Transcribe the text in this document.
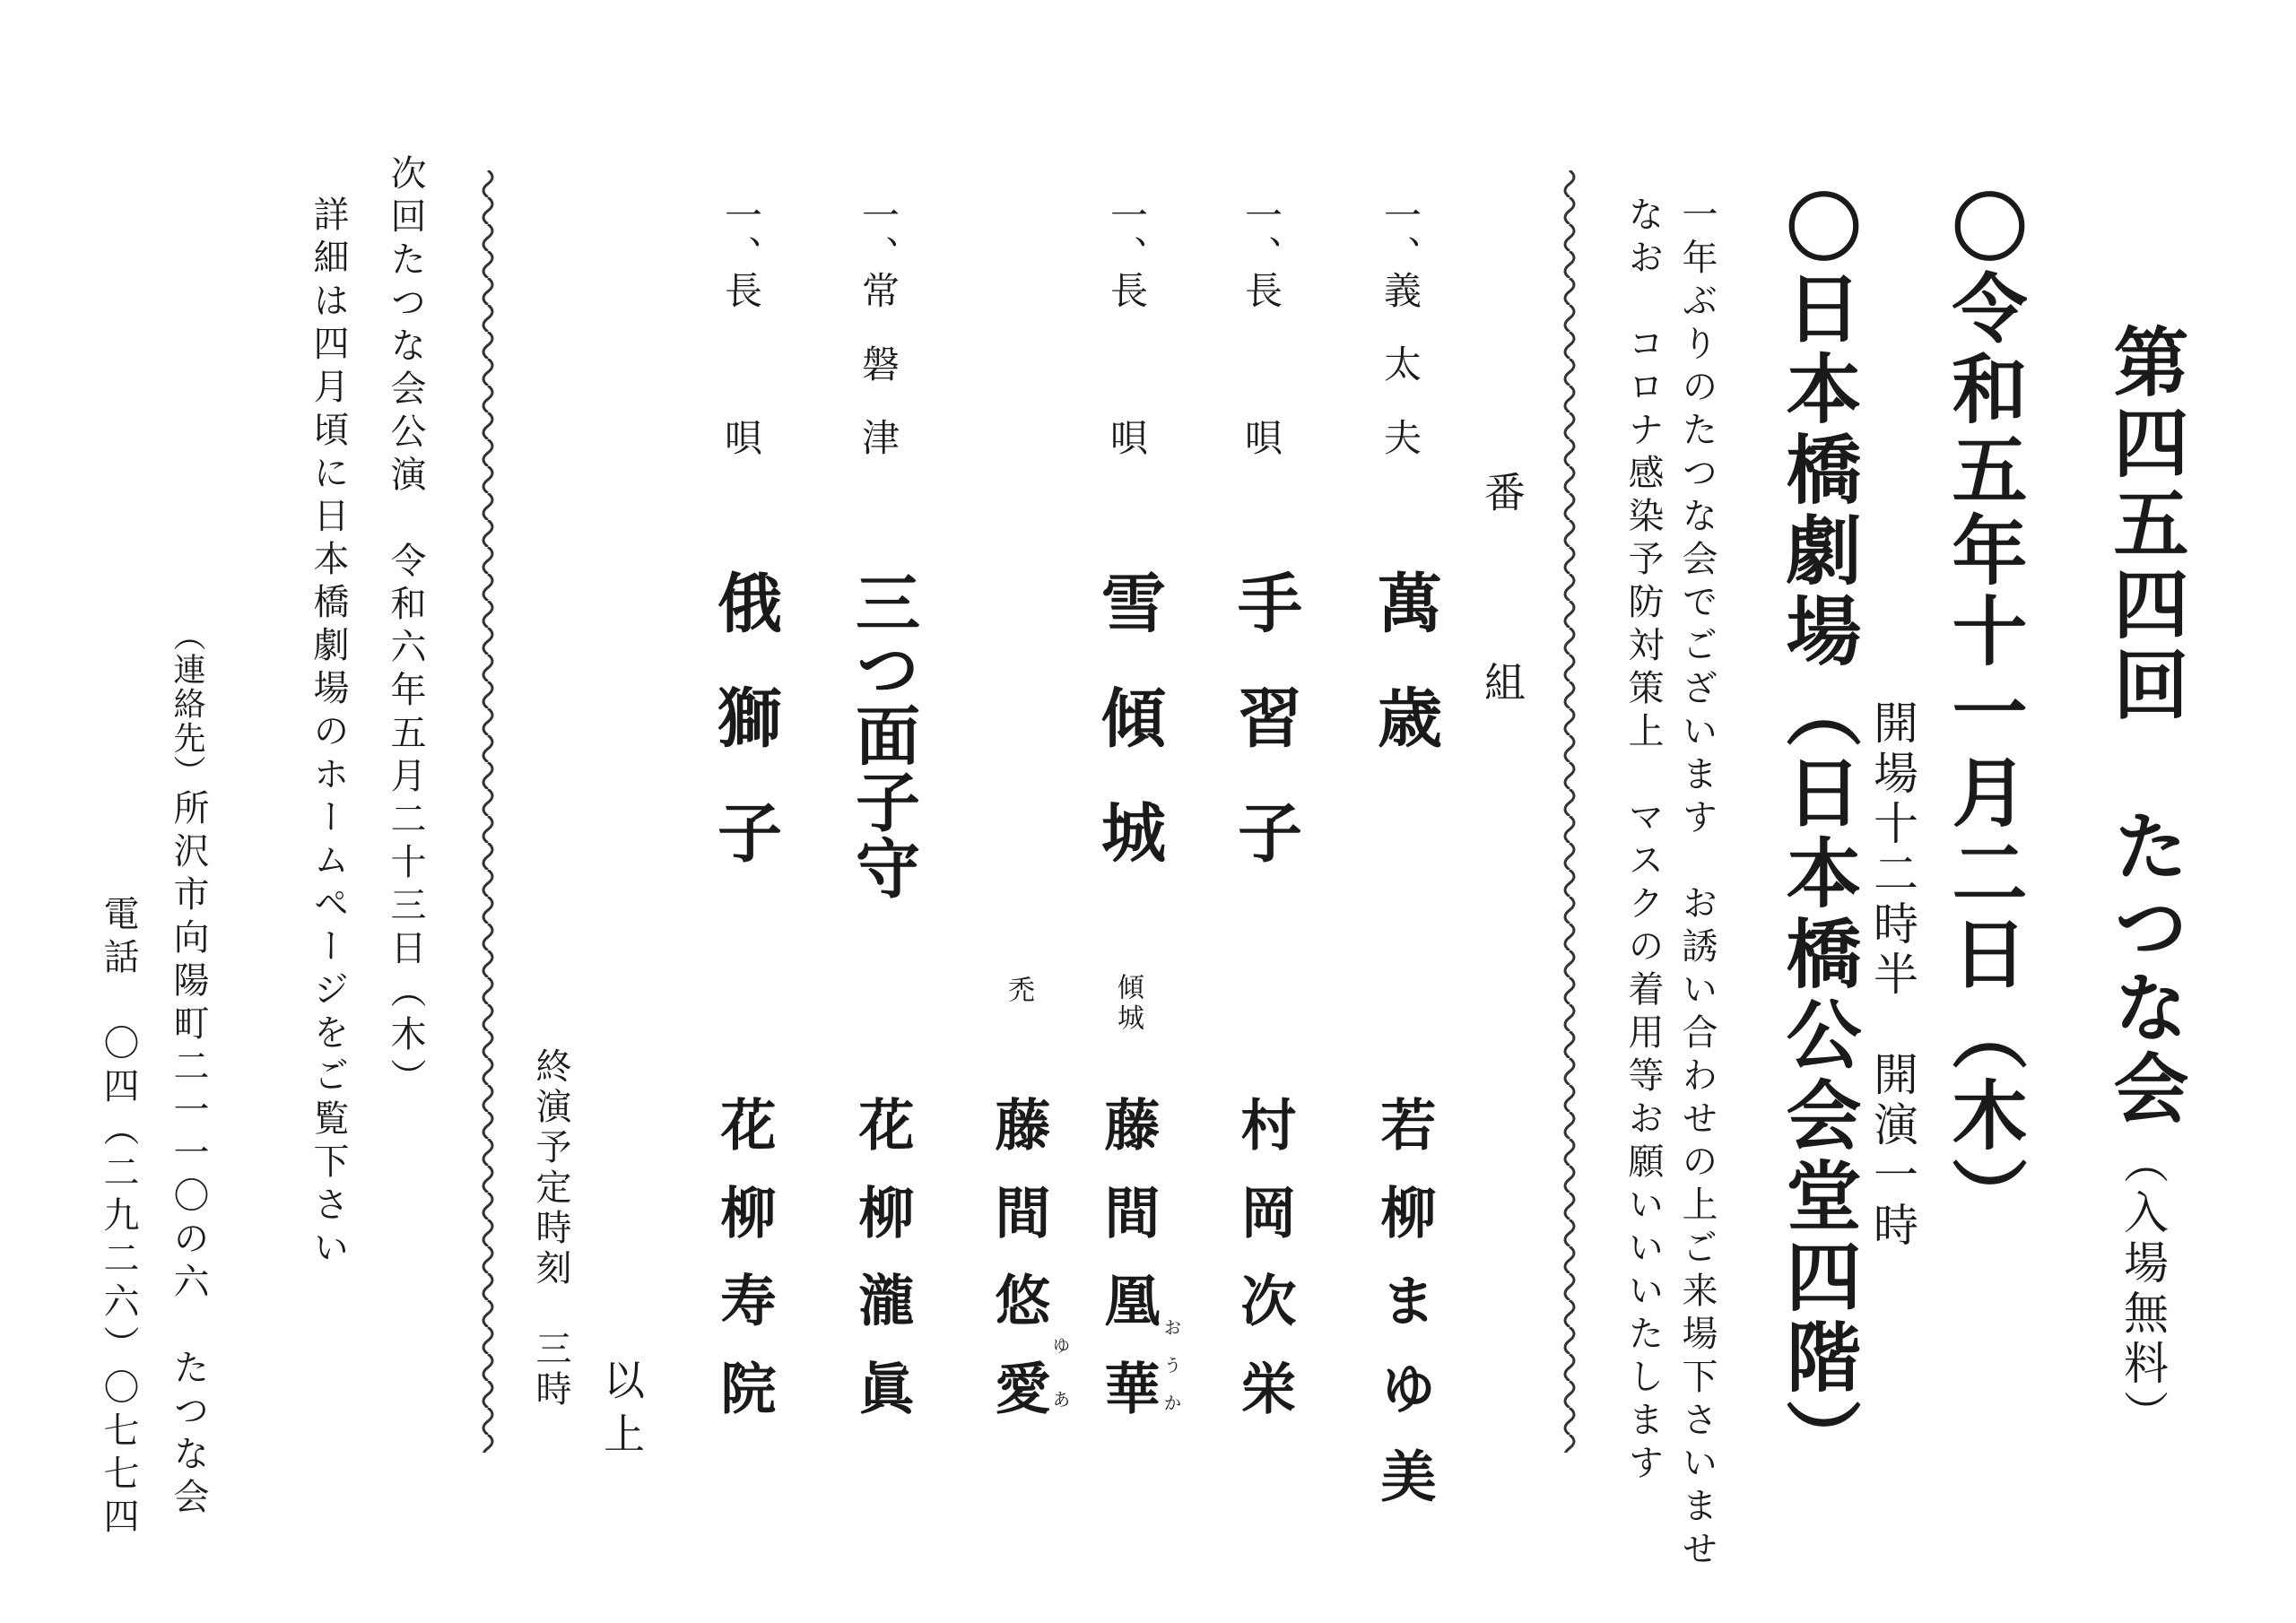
第四五四回　たつな会
（入場無料）
〇令和五年十一月二日（木）
開場十二時半　開演一時
〇日本橋劇場（日本橋公会堂四階）
一年ぶりのたつな会でございます　お誘い合わせの上ご来場下さいませ
なお　コロナ感染予防対策上　マスクの着用等お願いいいたします
番　組
一、
義太夫
萬歳
若柳まゆ美
一、
長　唄
手習子
村岡次栄
一、
長　唄
雪傾城
傾城
藤間凰華 おうか
禿
藤間悠愛
ゆあ
一、
常磐津
三つ面子守
花柳瀧眞
一、
長　唄
俄獅子
花柳寿院
以上
終演予定時刻　三時
次回たつな会公演　令和六年五月二十三日（木）
詳細は四月頃に日本橋劇場のホームページをご覧下さい
（連絡先）
所沢市向陽町二一一〇の六　たつな会
電話　〇四（二九二六）〇七七四
